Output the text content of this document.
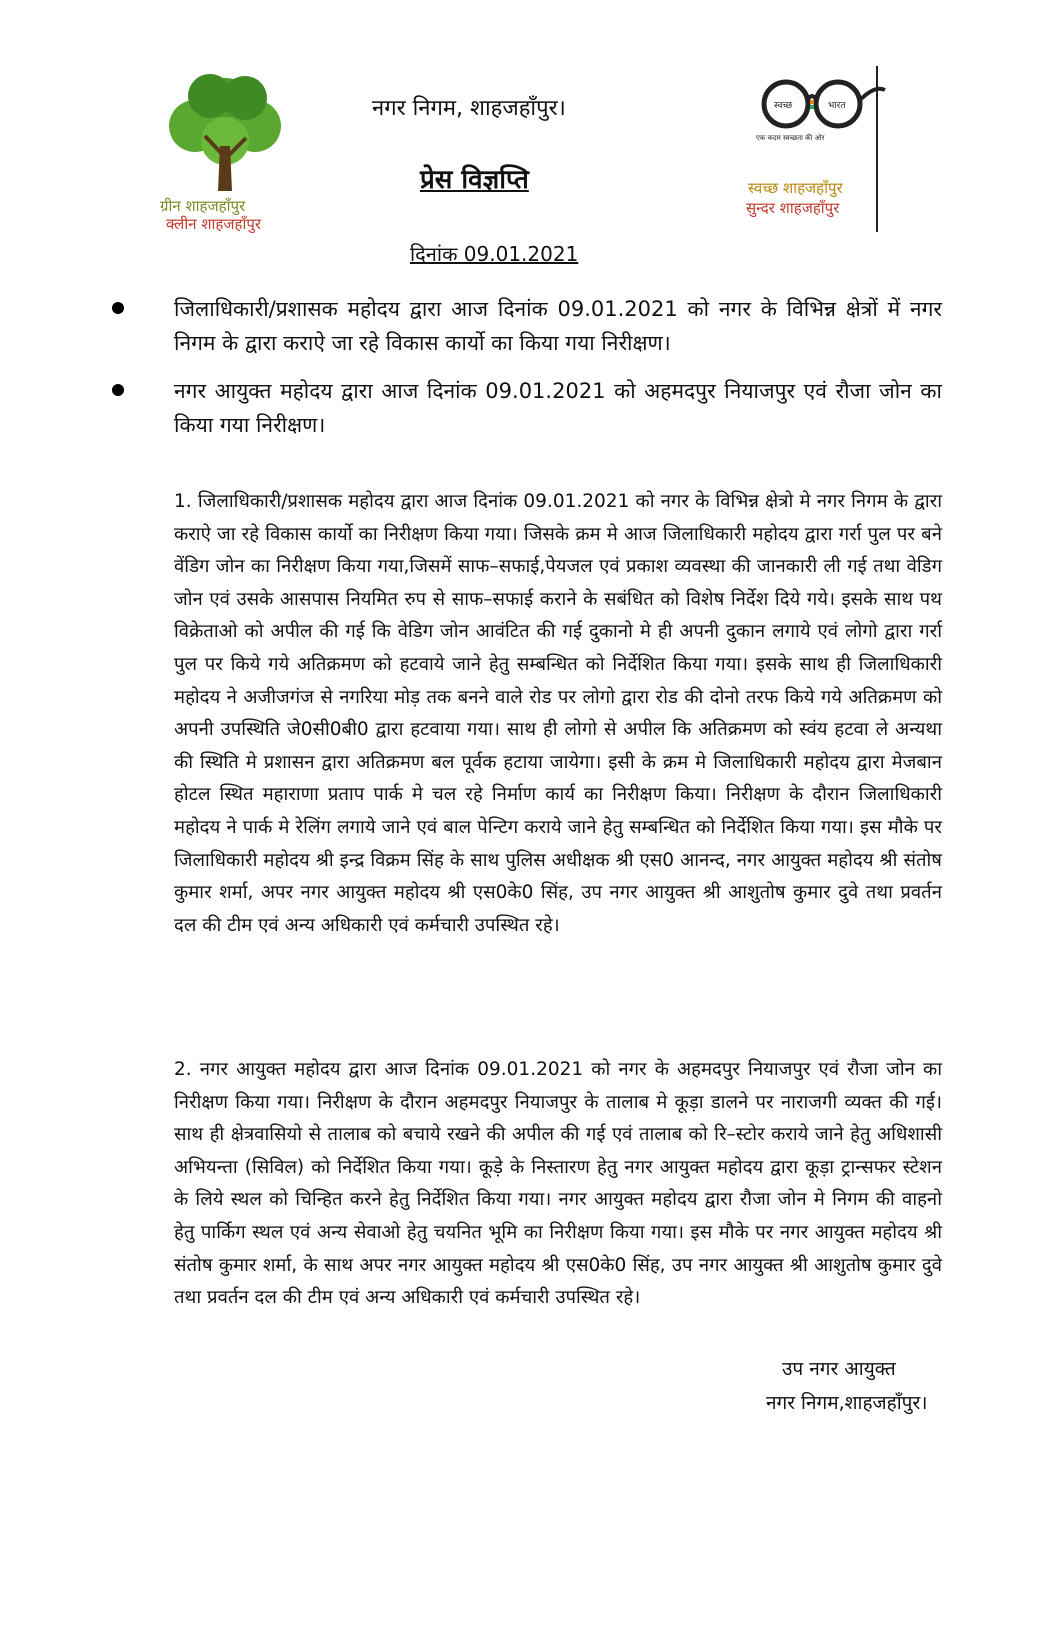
ग्रीन शाहजहाँपुर
क्लीन शाहजहाँपुर
नगर निगम, शाहजहाँपुर।
प्रेस विज्ञप्ति
दिनांक 09.01.2021
स्वच्छ	भारत
एक कदम स्वच्छता की ओर
स्वच्छ शाहजहाँपुर
सुन्दर शाहजहाँपुर
जिलाधिकारी/प्रशासक महोदय द्वारा आज दिनांक 09.01.2021 को नगर के विभिन्न क्षेत्रों में नगर निगम के द्वारा कराऐ जा रहे विकास कार्यो का किया गया निरीक्षण।
नगर आयुक्त महोदय द्वारा आज दिनांक 09.01.2021 को अहमदपुर नियाजपुर एवं रौजा जोन का किया गया निरीक्षण।
1. जिलाधिकारी/प्रशासक महोदय द्वारा आज दिनांक 09.01.2021 को नगर के विभिन्न क्षेत्रो मे नगर निगम के द्वारा कराऐ जा रहे विकास कार्यो का निरीक्षण किया गया। जिसके क्रम मे आज जिलाधिकारी महोदय द्वारा गर्रा पुल पर बने वेंडिग जोन का निरीक्षण किया गया,जिसमें साफ–सफाई,पेयजल एवं प्रकाश व्यवस्था की जानकारी ली गई तथा वेडिग जोन एवं उसके आसपास नियमित रुप से साफ–सफाई कराने के सबंधित को विशेष निर्देश दिये गये। इसके साथ पथ विक्रेताओ को अपील की गई कि वेडिग जोन आवंटित की गई दुकानो मे ही अपनी दुकान लगाये एवं लोगो द्वारा गर्रा पुल पर किये गये अतिक्रमण को हटवाये जाने हेतु सम्बन्धित को निर्देशित किया गया। इसके साथ ही जिलाधिकारी महोदय ने अजीजगंज से नगरिया मोड़ तक बनने वाले रोड पर लोगो द्वारा रोड की दोनो तरफ किये गये अतिक्रमण को अपनी उपस्थिति जे0सी0बी0 द्वारा हटवाया गया। साथ ही लोगो से अपील कि अतिक्रमण को स्वंय हटवा ले अन्यथा की स्थिति मे प्रशासन द्वारा अतिक्रमण बल पूर्वक हटाया जायेगा। इसी के क्रम मे जिलाधिकारी महोदय द्वारा मेजबान होटल स्थित महाराणा प्रताप पार्क मे चल रहे निर्माण कार्य का निरीक्षण किया। निरीक्षण के दौरान जिलाधिकारी महोदय ने पार्क मे रेलिंग लगाये जाने एवं बाल पेन्टिग कराये जाने हेतु सम्बन्धित को निर्देशित किया गया। इस मौके पर जिलाधिकारी महोदय श्री इन्द्र विक्रम सिंह के साथ पुलिस अधीक्षक श्री एस0 आनन्द, नगर आयुक्त महोदय श्री संतोष कुमार शर्मा, अपर नगर आयुक्त महोदय श्री एस0के0 सिंह, उप नगर आयुक्त श्री आशुतोष कुमार दुवे तथा प्रवर्तन दल की टीम एवं अन्य अधिकारी एवं कर्मचारी उपस्थित रहे।
2. नगर आयुक्त महोदय द्वारा आज दिनांक 09.01.2021 को नगर के अहमदपुर नियाजपुर एवं रौजा जोन का निरीक्षण किया गया। निरीक्षण के दौरान अहमदपुर नियाजपुर के तालाब मे कूड़ा डालने पर नाराजगी व्यक्त की गई। साथ ही क्षेत्रवासियो से तालाब को बचाये रखने की अपील की गई एवं तालाब को रि–स्टोर कराये जाने हेतु अधिशासी अभियन्ता (सिविल) को निर्देशित किया गया। कूड़े के निस्तारण हेतु नगर आयुक्त महोदय द्वारा कूड़ा ट्रान्सफर स्टेशन के लिये स्थल को चिन्हित करने हेतु निर्देशित किया गया। नगर आयुक्त महोदय द्वारा रौजा जोन मे निगम की वाहनो हेतु पार्किग स्थल एवं अन्य सेवाओ हेतु चयनित भूमि का निरीक्षण किया गया। इस मौके पर नगर आयुक्त महोदय श्री संतोष कुमार शर्मा, के साथ अपर नगर आयुक्त महोदय श्री एस0के0 सिंह, उप नगर आयुक्त श्री आशुतोष कुमार दुवे तथा प्रवर्तन दल की टीम एवं अन्य अधिकारी एवं कर्मचारी उपस्थित रहे।
उप नगर आयुक्त
नगर निगम,शाहजहाँपुर।
